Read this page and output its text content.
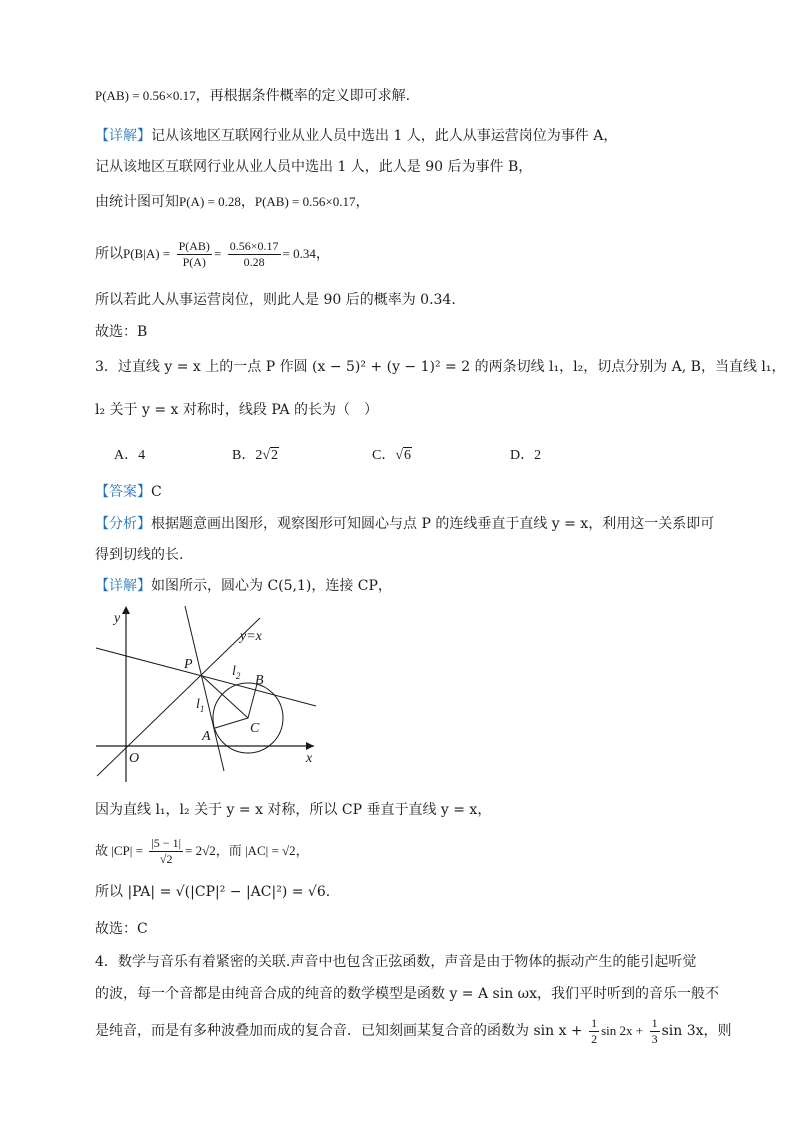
P(AB) = 0.56×0.17，再根据条件概率的定义即可求解.
【详解】记从该地区互联网行业从业人员中选出 1 人，此人从事运营岗位为事件 A，
记从该地区互联网行业从业人员中选出 1 人，此人是 90 后为事件 B，
由统计图可知P(A) = 0.28，P(AB) = 0.56×0.17，
所以$P(B|A) = \frac{P(AB)}{P(A)} = \frac{0.56\times 0.17}{0.28} = 0.34$，
所以若此人从事运营岗位，则此人是 90 后的概率为 0.34.
故选：B
3．过直线 y = x 上的一点 P 作圆 (x − 5)² + (y − 1)² = 2 的两条切线 l₁，l₂，切点分别为 A, B，当直线 l₁，
l₂ 关于 y = x 对称时，线段 PA 的长为（　）
A．4	B．2√2	C．√6	D．2
【答案】C
【分析】根据题意画出图形，观察图形可知圆心与点 P 的连线垂直于直线 y = x，利用这一关系即可
得到切线的长.
【详解】如图所示，圆心为 C(5,1)，连接 CP，
y
x
O
y=x
P
A
B
C
$l_1$
$l_2$
因为直线 l₁，l₂ 关于 y = x 对称，所以 CP 垂直于直线 y = x，
故 $|CP| = \frac{|5 - 1|}{√2} = 2√2$，而 |AC| = √2，
所以 |PA| = √(|CP|² − |AC|²) = √6.
故选：C
4．数学与音乐有着紧密的关联.声音中也包含正弦函数，声音是由于物体的振动产生的能引起听觉
的波，每一个音都是由纯音合成的纯音的数学模型是函数 y = A sin ωx，我们平时听到的音乐一般不
是纯音，而是有多种波叠加而成的复合音．已知刻画某复合音的函数为 $\sin x + \frac{1}{2}$ $\sin 2x + \frac{1}{3}$ sin 3x，则
